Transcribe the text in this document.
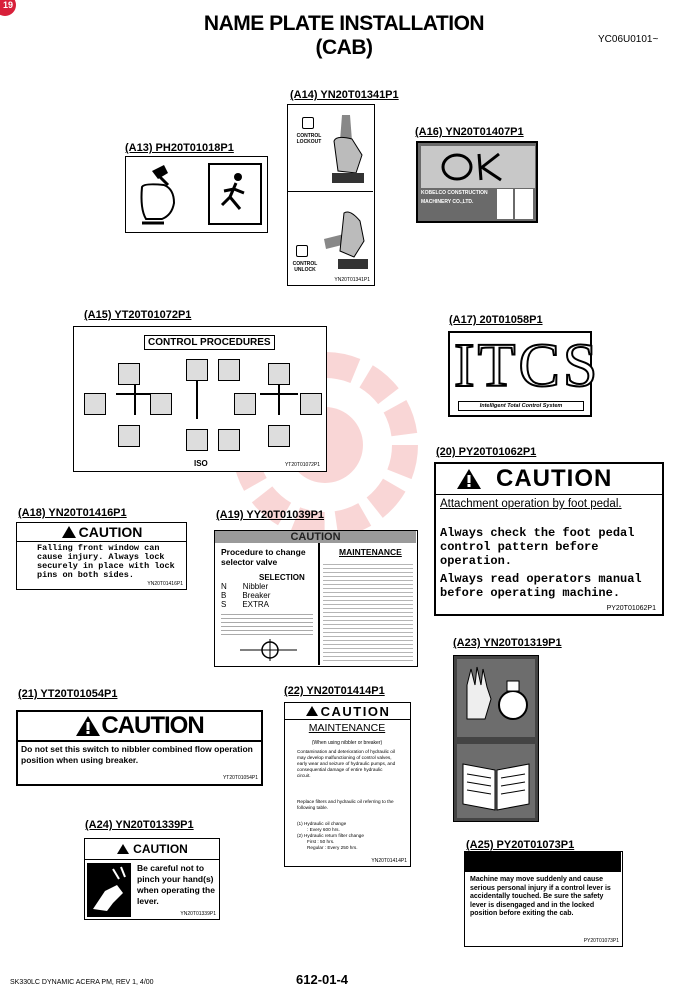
19
NAME PLATE INSTALLATION
(CAB)	YC06U0101~
(A14) YN20T01341P1
CONTROL LOCKOUT
CONTROL UNLOCK
YN20T01341P1
(A13) PH20T01018P1
(A16) YN20T01407P1
KOBELCO CONSTRUCTION
MACHINERY CO.,LTD.
(A15) YT20T01072P1
CONTROL PROCEDURES
ISO	YT20T01072P1
(A17) 20T01058P1
ITCS
Intelligent Total Control System
(20) PY20T01062P1
CAUTION
Attachment operation by foot pedal.
Always check the foot pedal control pattern before operation.
Always read operators manual before operating machine.
PY20T01062P1
(A18) YN20T01416P1
CAUTION
Falling front window can cause injury. Always lock securely in place with lock pins on both sides.
YN20T01416P1
(A19) YY20T01039P1
CAUTION
Procedure to change selector valve
SELECTION
N Nibbler
B Breaker
S EXTRA
MAINTENANCE
(A23) YN20T01319P1
(21) YT20T01054P1
CAUTION
Do not set this switch to nibbler combined flow operation position when using breaker.
YT20T01054P1
(22) YN20T01414P1
CAUTION
MAINTENANCE
(When using nibbler or breaker)
Contamination and deterioration of hydraulic oil may develop malfunctioning of control valves, early wear and seizure of hydraulic pumps, and consequential damage of entire hydraulic circuit.
Replace filters and hydraulic oil referring to the following table.
(1) Hydraulic oil change
: Every 600 hrs.
(2) Hydraulic return filter change
First : 50 hrs.
Regular : Every 250 hrs.
YN20T01414P1
(A24) YN20T01339P1
CAUTION
Be careful not to pinch your hand(s) when operating the lever.
YN20T01339P1
(A25) PY20T01073P1
Machine may move suddenly and cause serious personal injury if a control lever is accidentally touched. Be sure the safety lever is disengaged and in the locked position before exiting the cab.
PY20T01073P1
SK330LC DYNAMIC ACERA PM, REV 1, 4/00	612-01-4
